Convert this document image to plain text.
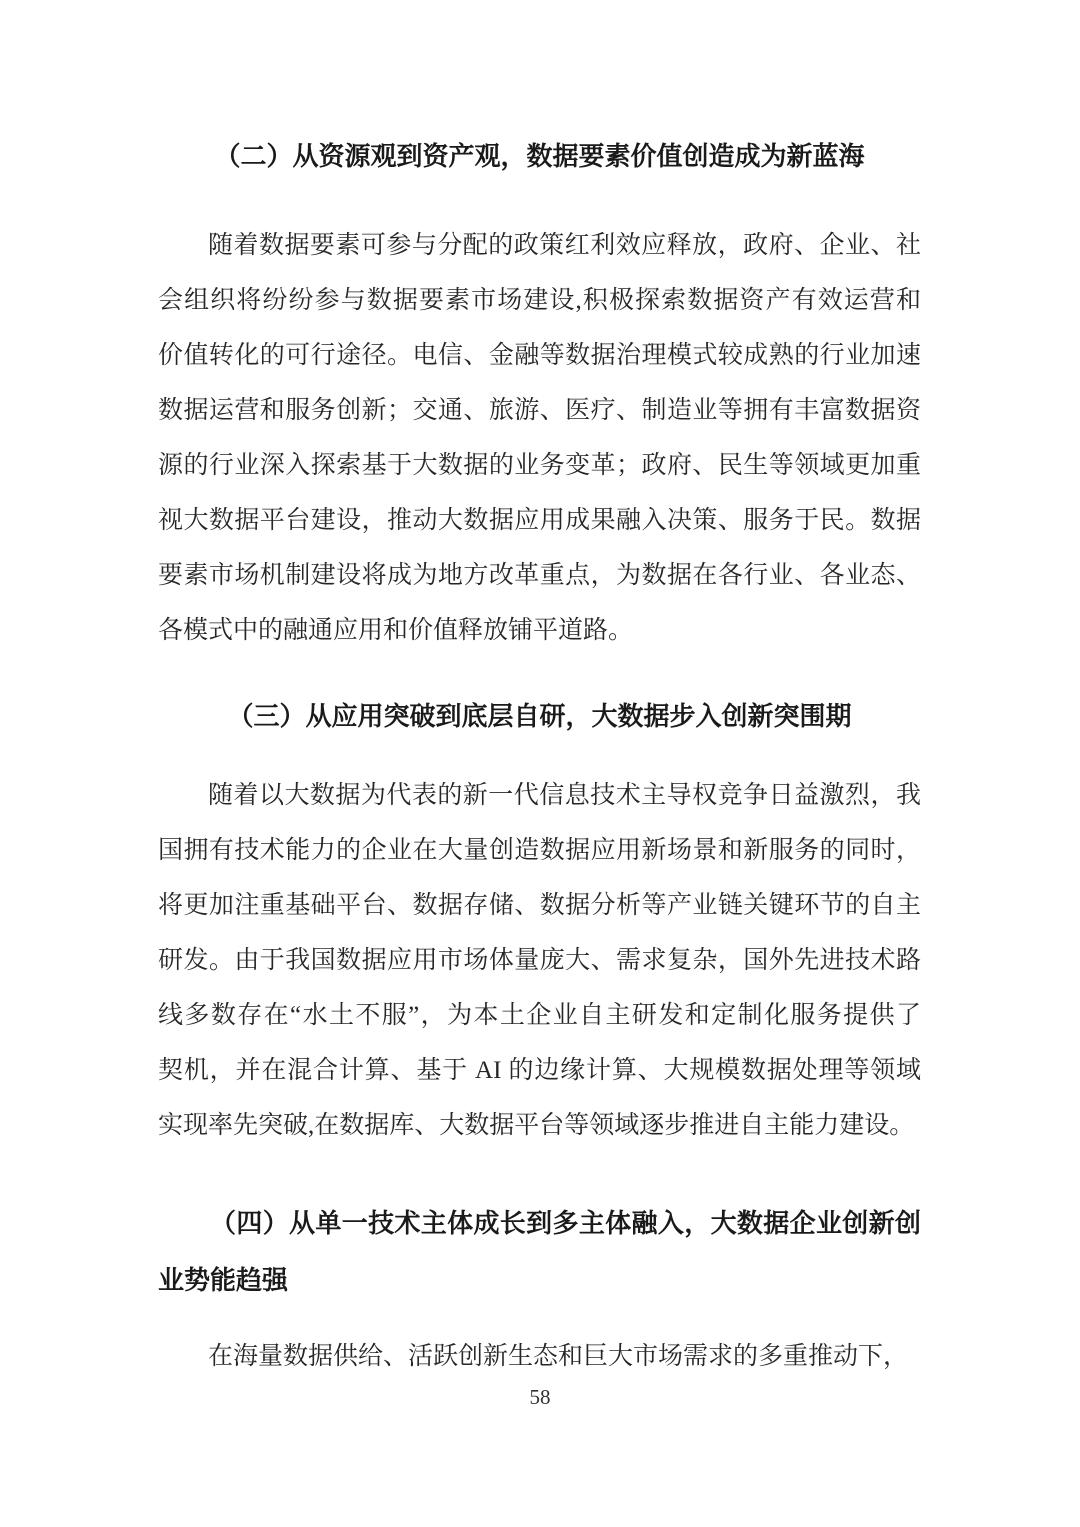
（二）从资源观到资产观，数据要素价值创造成为新蓝海
随着数据要素可参与分配的政策红利效应释放，政府、企业、社
会组织将纷纷参与数据要素市场建设,积极探索数据资产有效运营和
价值转化的可行途径。电信、金融等数据治理模式较成熟的行业加速
数据运营和服务创新；交通、旅游、医疗、制造业等拥有丰富数据资
源的行业深入探索基于大数据的业务变革；政府、民生等领域更加重
视大数据平台建设，推动大数据应用成果融入决策、服务于民。数据
要素市场机制建设将成为地方改革重点，为数据在各行业、各业态、
各模式中的融通应用和价值释放铺平道路。
（三）从应用突破到底层自研，大数据步入创新突围期
随着以大数据为代表的新一代信息技术主导权竞争日益激烈，我
国拥有技术能力的企业在大量创造数据应用新场景和新服务的同时，
将更加注重基础平台、数据存储、数据分析等产业链关键环节的自主
研发。由于我国数据应用市场体量庞大、需求复杂，国外先进技术路
线多数存在“水土不服”，为本土企业自主研发和定制化服务提供了
契机，并在混合计算、基于 AI 的边缘计算、大规模数据处理等领域
实现率先突破,在数据库、大数据平台等领域逐步推进自主能力建设。
（四）从单一技术主体成长到多主体融入，大数据企业创新创
业势能趋强
在海量数据供给、活跃创新生态和巨大市场需求的多重推动下，
58
